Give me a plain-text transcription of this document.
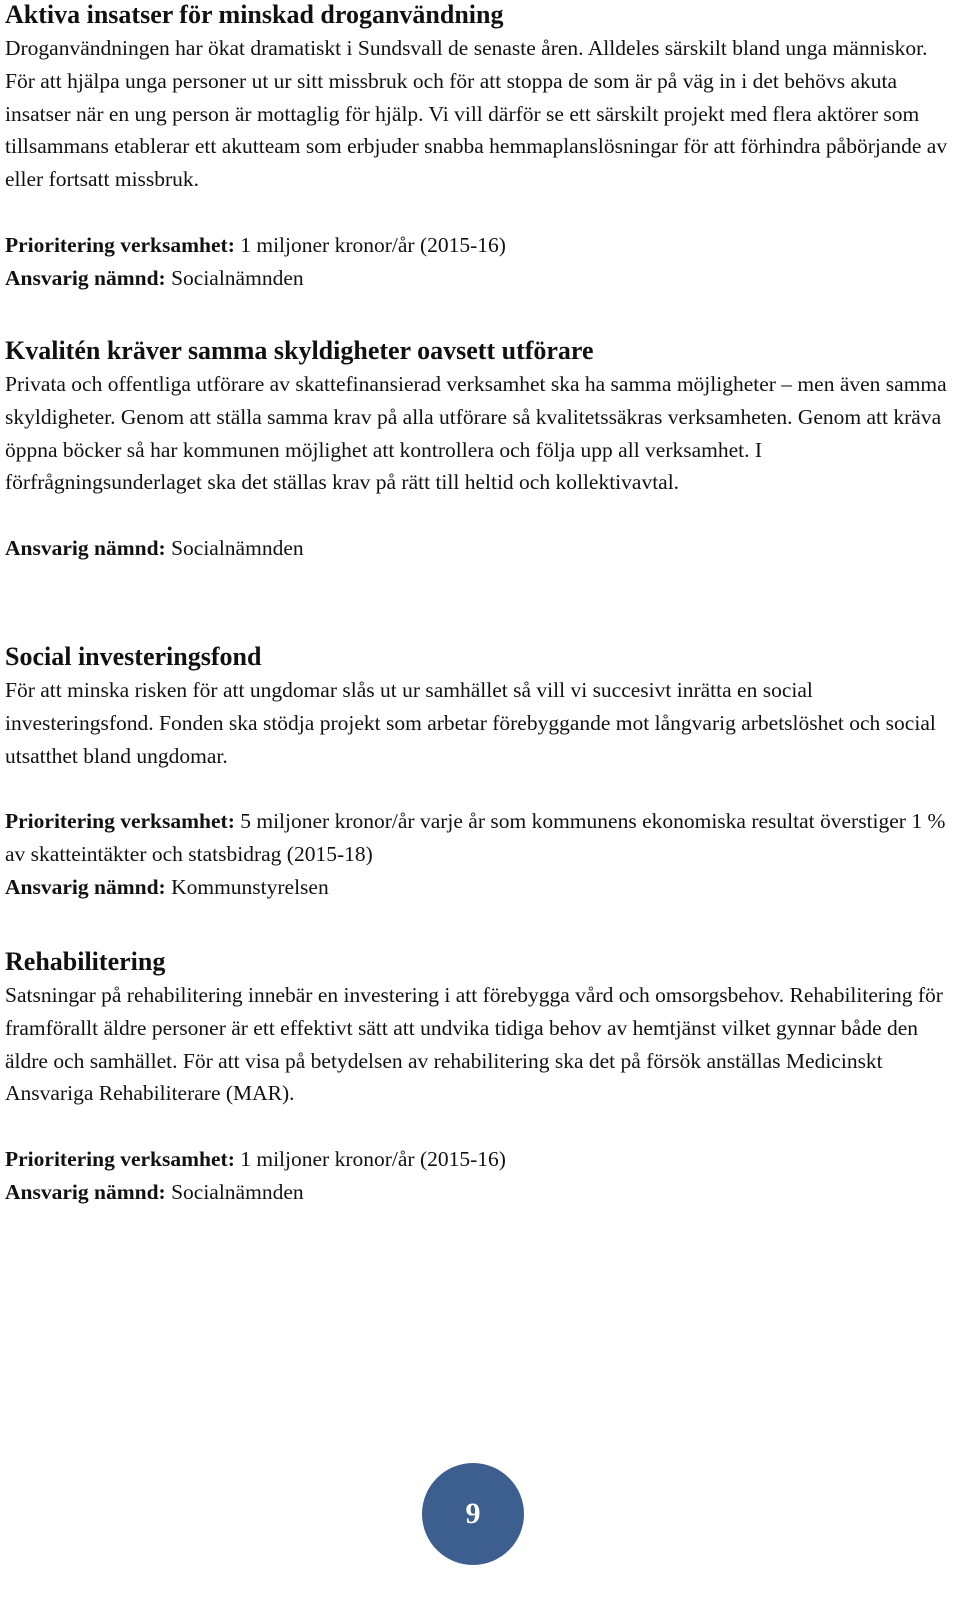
Aktiva insatser för minskad droganvändning

Droganvändningen har ökat dramatiskt i Sundsvall de senaste åren. Alldeles särskilt bland unga människor. För att hjälpa unga personer ut ur sitt missbruk och för att stoppa de som är på väg in i det behövs akuta insatser när en ung person är mottaglig för hjälp. Vi vill därför se ett särskilt projekt med flera aktörer som tillsammans etablerar ett akutteam som erbjuder snabba hemmaplanslösningar för att förhindra påbörjande av eller fortsatt missbruk.

Prioritering verksamhet: 1 miljoner kronor/år (2015-16)

Ansvarig nämnd: Socialnämnden

Kvalitén kräver samma skyldigheter oavsett utförare

Privata och offentliga utförare av skattefinansierad verksamhet ska ha samma möjligheter – men även samma skyldigheter. Genom att ställa samma krav på alla utförare så kvalitetssäkras verksamheten. Genom att kräva öppna böcker så har kommunen möjlighet att kontrollera och följa upp all verksamhet. I förfrågningsunderlaget ska det ställas krav på rätt till heltid och kollektivavtal.

Ansvarig nämnd: Socialnämnden

Social investeringsfond

För att minska risken för att ungdomar slås ut ur samhället så vill vi succesivt inrätta en social investeringsfond. Fonden ska stödja projekt som arbetar förebyggande mot långvarig arbetslöshet och social utsatthet bland ungdomar.

Prioritering verksamhet: 5 miljoner kronor/år varje år som kommunens ekonomiska resultat överstiger 1 % av skatteintäkter och statsbidrag (2015-18)

Ansvarig nämnd: Kommunstyrelsen

Rehabilitering

Satsningar på rehabilitering innebär en investering i att förebygga vård och omsorgsbehov. Rehabilitering för framförallt äldre personer är ett effektivt sätt att undvika tidiga behov av hemtjänst vilket gynnar både den äldre och samhället. För att visa på betydelsen av rehabilitering ska det på försök anställas Medicinskt Ansvariga Rehabiliterare (MAR).

Prioritering verksamhet: 1 miljoner kronor/år (2015-16)

Ansvarig nämnd: Socialnämnden

9
